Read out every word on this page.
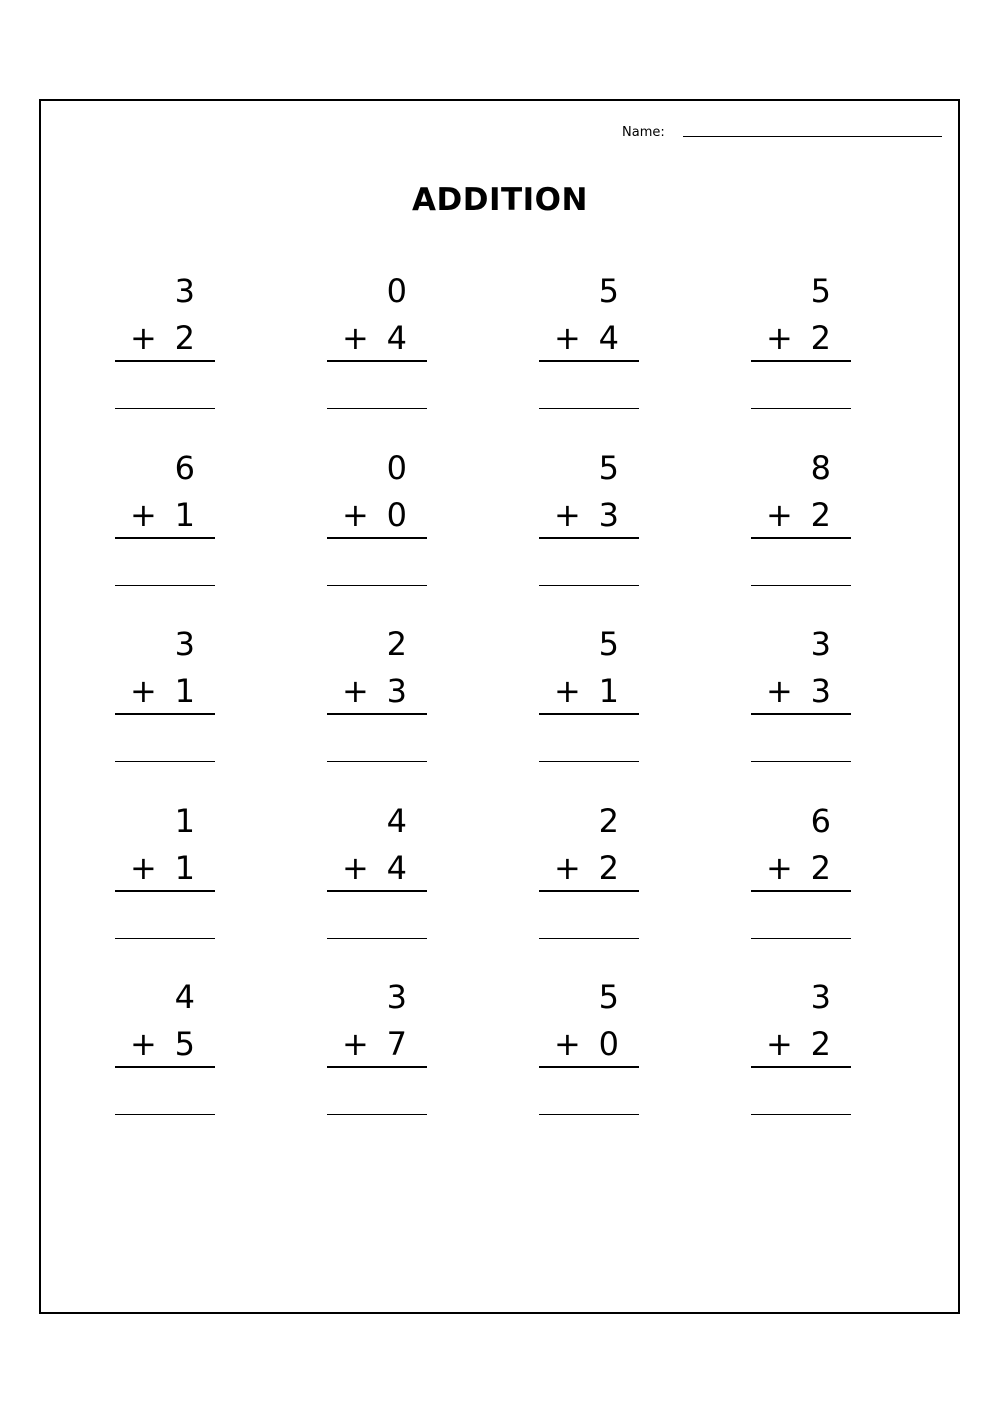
Name:
ADDITION
3
+ 2
0
+ 4
5
+ 4
5
+ 2
6
+ 1
0
+ 0
5
+ 3
8
+ 2
3
+ 1
2
+ 3
5
+ 1
3
+ 3
1
+ 1
4
+ 4
2
+ 2
6
+ 2
4
+ 5
3
+ 7
5
+ 0
3
+ 2
